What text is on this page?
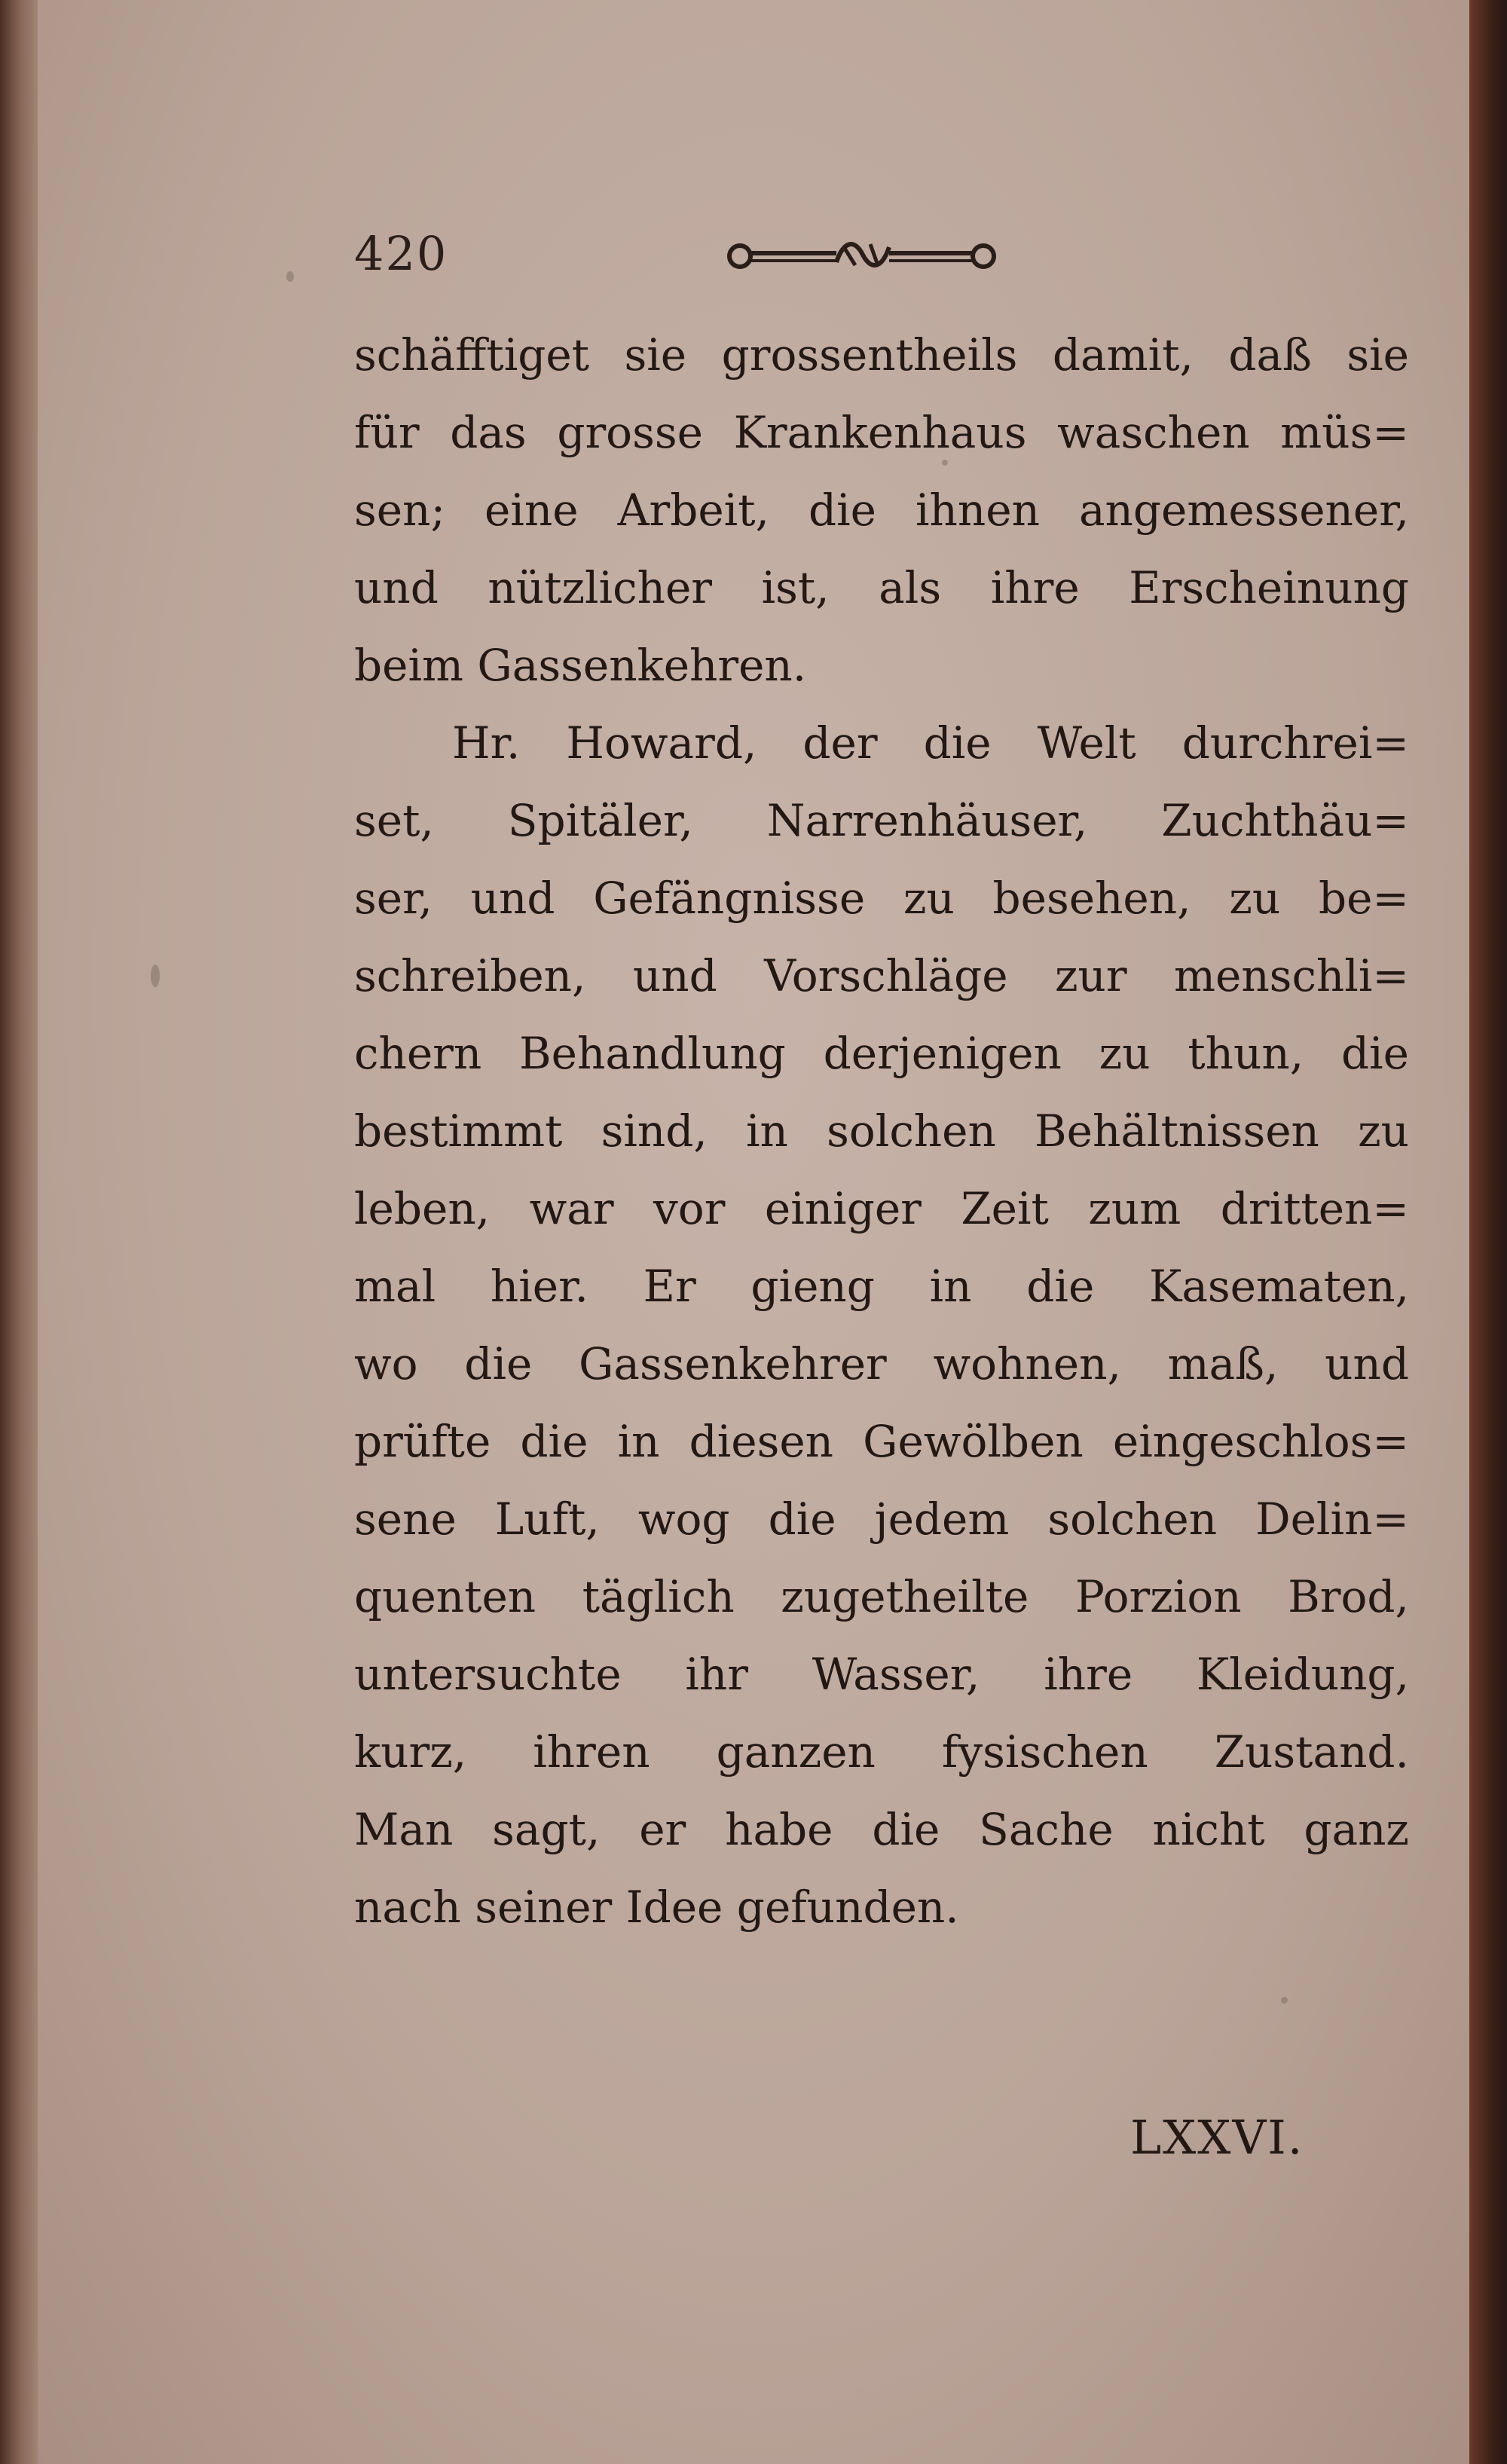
420
schäfftiget sie grossentheils damit, daß sie
für das grosse Krankenhaus waschen müs=
sen; eine Arbeit, die ihnen angemessener,
und nützlicher ist, als ihre Erscheinung
beim Gassenkehren.
Hr. Howard, der die Welt durchrei=
set, Spitäler, Narrenhäuser, Zuchthäu=
ser, und Gefängnisse zu besehen, zu be=
schreiben, und Vorschläge zur menschli=
chern Behandlung derjenigen zu thun, die
bestimmt sind, in solchen Behältnissen zu
leben, war vor einiger Zeit zum dritten=
mal hier. Er gieng in die Kasematen,
wo die Gassenkehrer wohnen, maß, und
prüfte die in diesen Gewölben eingeschlos=
sene Luft, wog die jedem solchen Delin=
quenten täglich zugetheilte Porzion Brod,
untersuchte ihr Wasser, ihre Kleidung,
kurz, ihren ganzen fysischen Zustand.
Man sagt, er habe die Sache nicht ganz
nach seiner Idee gefunden.
LXXVI.
